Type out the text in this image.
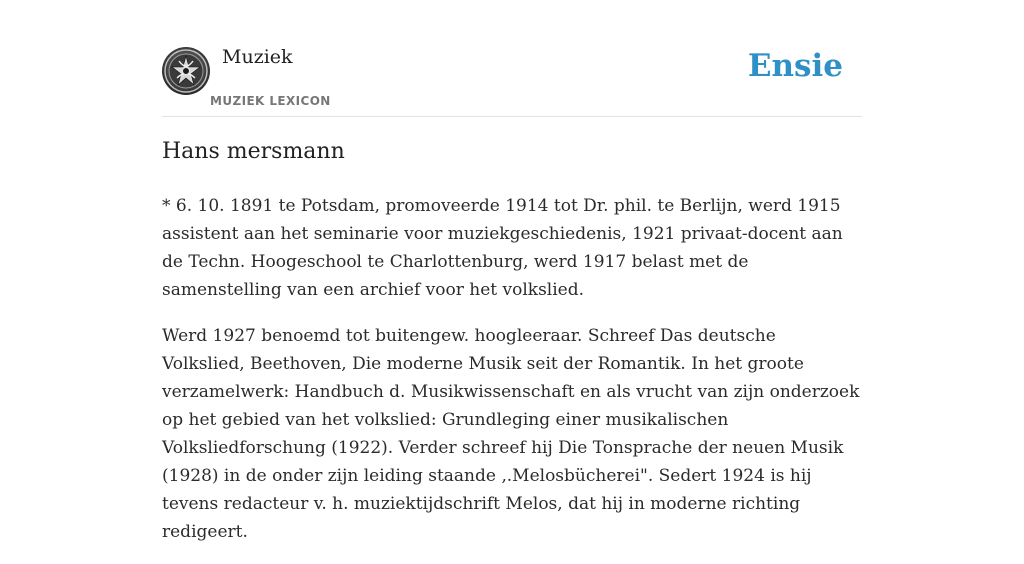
Muziek
MUZIEK LEXICON
Ensie
Hans mersmann

* 6. 10. 1891 te Potsdam, promoveerde 1914 tot Dr. phil. te Berlijn, werd 1915 assistent aan het seminarie voor muziekgeschiedenis, 1921 privaat-docent aan de Techn. Hoogeschool te Charlottenburg, werd 1917 belast met de samenstelling van een archief voor het volkslied.

Werd 1927 benoemd tot buitengew. hoogleeraar. Schreef Das deutsche Volkslied, Beethoven, Die moderne Musik seit der Romantik. In het groote verzamelwerk: Handbuch d. Musikwissenschaft en als vrucht van zijn onderzoek op het gebied van het volkslied: Grundleging einer musikalischen Volksliedforschung (1922). Verder schreef hij Die Tonsprache der neuen Musik (1928) in de onder zijn leiding staande ‚.Melosbücherei". Sedert 1924 is hij tevens redacteur v. h. muziektijdschrift Melos, dat hij in moderne richting redigeert.
